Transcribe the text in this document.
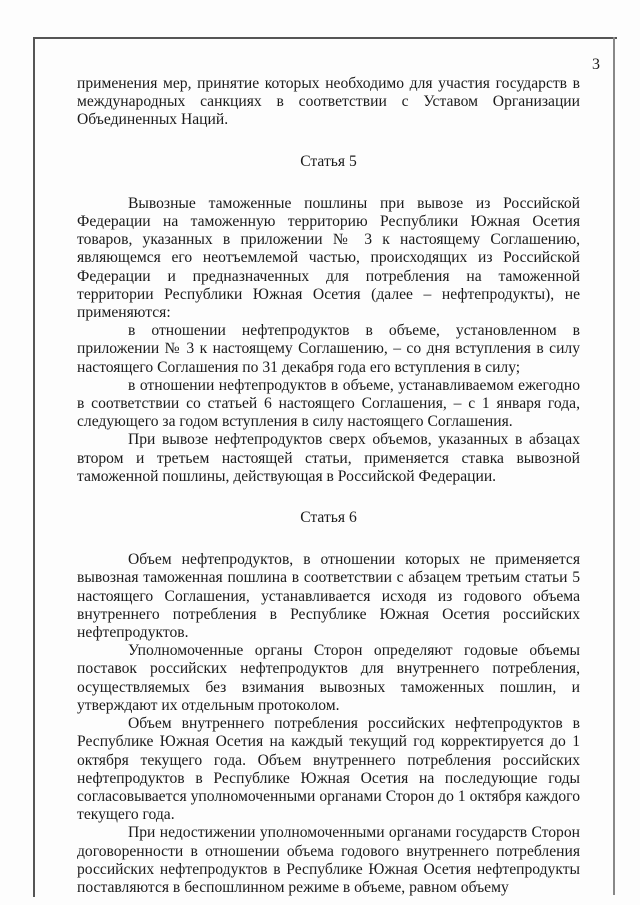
3

применения мер, принятие которых необходимо для участия государств в международных санкциях в соответствии с Уставом Организации Объединенных Наций.

Статья 5

Вывозные таможенные пошлины при вывозе из Российской Федерации на таможенную территорию Республики Южная Осетия товаров, указанных в приложении № 3 к настоящему Соглашению, являющемся его неотъемлемой частью, происходящих из Российской Федерации и предназначенных для потребления на таможенной территории Республики Южная Осетия (далее – нефтепродукты), не применяются:

в отношении нефтепродуктов в объеме, установленном в приложении № 3 к настоящему Соглашению, – со дня вступления в силу настоящего Соглашения по 31 декабря года его вступления в силу;

в отношении нефтепродуктов в объеме, устанавливаемом ежегодно в соответствии со статьей 6 настоящего Соглашения, – с 1 января года, следующего за годом вступления в силу настоящего Соглашения.

При вывозе нефтепродуктов сверх объемов, указанных в абзацах втором и третьем настоящей статьи, применяется ставка вывозной таможенной пошлины, действующая в Российской Федерации.

Статья 6

Объем нефтепродуктов, в отношении которых не применяется вывозная таможенная пошлина в соответствии с абзацем третьим статьи 5 настоящего Соглашения, устанавливается исходя из годового объема внутреннего потребления в Республике Южная Осетия российских нефтепродуктов.

Уполномоченные органы Сторон определяют годовые объемы поставок российских нефтепродуктов для внутреннего потребления, осуществляемых без взимания вывозных таможенных пошлин, и утверждают их отдельным протоколом.

Объем внутреннего потребления российских нефтепродуктов в Республике Южная Осетия на каждый текущий год корректируется до 1 октября текущего года. Объем внутреннего потребления российских нефтепродуктов в Республике Южная Осетия на последующие годы согласовывается уполномоченными органами Сторон до 1 октября каждого текущего года.

При недостижении уполномоченными органами государств Сторон договоренности в отношении объема годового внутреннего потребления российских нефтепродуктов в Республике Южная Осетия нефтепродукты поставляются в беспошлинном режиме в объеме, равном объему
